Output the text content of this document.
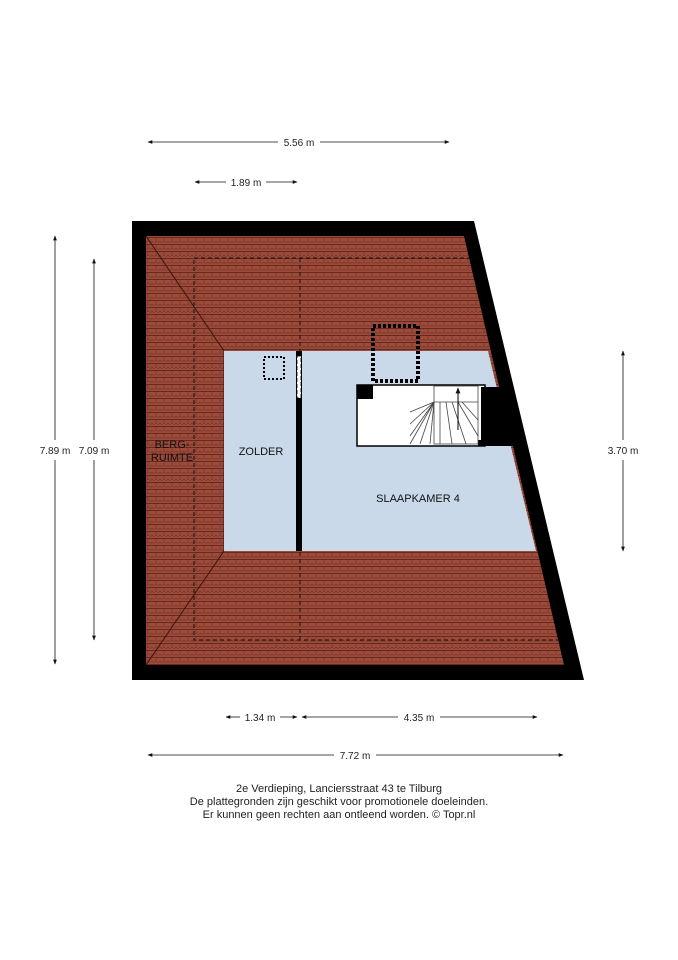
BERG-
RUIMTE	ZOLDER
SLAAPKAMER 4
5.56 m
1.89 m
7.89 m 7.09 m	3.70 m
1.34 m	4.35 m
7.72 m
2e Verdieping, Lanciersstraat 43 te Tilburg
De plattegronden zijn geschikt voor promotionele doeleinden.
Er kunnen geen rechten aan ontleend worden. © Topr.nl
